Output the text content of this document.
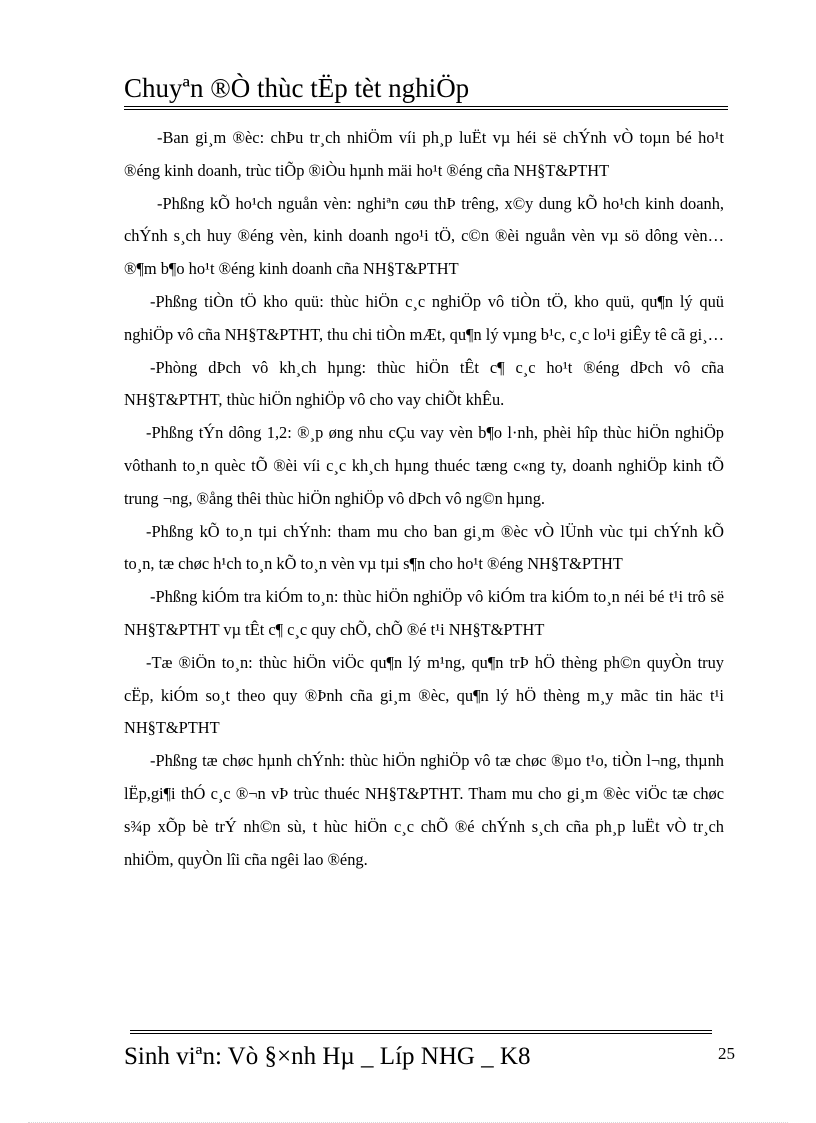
Chuyªn ®Ò thùc tËp tèt nghiÖp

-Ban gi¸m ®èc: chÞu tr¸ch nhiÖm víi ph¸p luËt vµ héi së chÝnh vÒ toµn bé ho¹t ®éng kinh doanh, trùc tiÕp ®iÒu hµnh mäi ho¹t ®éng cña NH§T&PTHT

-Phßng kÕ ho¹ch nguån vèn: nghiªn cøu thÞ trêng, x©y dung kÕ ho¹ch kinh doanh, chÝnh s¸ch huy ®éng vèn, kinh doanh ngo¹i tÖ, c©n ®èi nguån vèn vµ sö dông vèn… ®¶m b¶o ho¹t ®éng kinh doanh cña NH§T&PTHT

-Phßng tiÒn tÖ kho quü: thùc hiÖn c¸c nghiÖp vô tiÒn tÖ, kho quü, qu¶n lý quü nghiÖp vô cña NH§T&PTHT, thu chi tiÒn mÆt, qu¶n lý vµng b¹c, c¸c lo¹i giÊy tê cã gi¸…

-Phòng dÞch vô kh¸ch hµng: thùc hiÖn tÊt c¶ c¸c ho¹t ®éng dÞch vô cña NH§T&PTHT, thùc hiÖn nghiÖp vô cho vay chiÕt khÊu.

-Phßng tÝn dông 1,2: ®¸p øng nhu cÇu vay vèn b¶o l·nh, phèi hîp thùc hiÖn nghiÖp vôthanh to¸n quèc tÕ ®èi víi c¸c kh¸ch hµng thuéc tæng c«ng ty, doanh nghiÖp kinh tÕ trung ¬ng, ®ång thêi thùc hiÖn nghiÖp vô dÞch vô ng©n hµng.

-Phßng kÕ to¸n tµi chÝnh: tham mu cho ban gi¸m ®èc vÒ lÜnh vùc tµi chÝnh kÕ to¸n, tæ chøc h¹ch to¸n kÕ to¸n vèn vµ tµi s¶n cho ho¹t ®éng NH§T&PTHT

-Phßng kiÓm tra kiÓm to¸n: thùc hiÖn nghiÖp vô kiÓm tra kiÓm to¸n néi bé t¹i trô së NH§T&PTHT vµ tÊt c¶ c¸c quy chÕ, chÕ ®é t¹i NH§T&PTHT

-Tæ ®iÖn to¸n: thùc hiÖn viÖc qu¶n lý m¹ng, qu¶n trÞ hÖ thèng ph©n quyÒn truy cËp, kiÓm so¸t theo quy ®Þnh cña gi¸m ®èc, qu¶n lý hÖ thèng m¸y mãc tin häc t¹i NH§T&PTHT

-Phßng tæ chøc hµnh chÝnh: thùc hiÖn nghiÖp vô tæ chøc ®µo t¹o, tiÒn l¬ng, thµnh lËp,gi¶i thÓ c¸c ®¬n vÞ trùc thuéc NH§T&PTHT. Tham mu cho gi¸m ®èc viÖc tæ chøc s¾p xÕp bè trÝ nh©n sù, t hùc hiÖn c¸c chÕ ®é chÝnh s¸ch cña ph¸p luËt vÒ tr¸ch nhiÖm, quyÒn lîi cña ngêi lao ®éng.

Sinh viªn: Vò §×nh Hµ _ Líp NHG _ K8	25
